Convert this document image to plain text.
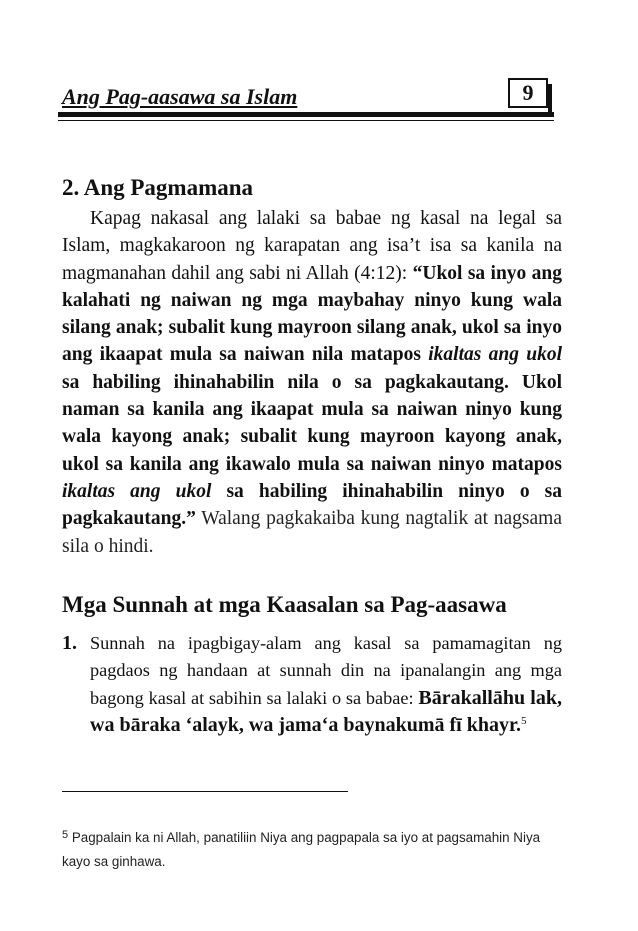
Ang Pag-aasawa sa Islam	9
2. Ang Pagmamana

Kapag nakasal ang lalaki sa babae ng kasal na legal sa Islam, magkakaroon ng karapatan ang isa’t isa sa kanila na magmanahan dahil ang sabi ni Allah (4:12): “Ukol sa inyo ang kalahati ng naiwan ng mga maybahay ninyo kung wala silang anak; subalit kung mayroon silang anak, ukol sa inyo ang ikaapat mula sa naiwan nila matapos ikaltas ang ukol sa habiling ihinahabilin nila o sa pagkakautang. Ukol naman sa kanila ang ikaapat mula sa naiwan ninyo kung wala kayong anak; subalit kung mayroon kayong anak, ukol sa kanila ang ikawalo mula sa naiwan ninyo matapos ikaltas ang ukol sa habiling ihinahabilin ninyo o sa pagkakautang.” Walang pagkakaiba kung nagtalik at nagsama sila o hindi.

Mga Sunnah at mga Kaasalan sa Pag-aasawa
1. Sunnah na ipagbigay-alam ang kasal sa pamamagitan ng pagdaos ng handaan at sunnah din na ipanalangin ang mga bagong kasal at sabihin sa lalaki o sa babae: Bārakallāhu lak, wa bāraka ‘alayk, wa jama‘a baynakumā fī khayr.$^5$
$^5$ Pagpalain ka ni Allah, panatiliin Niya ang pagpapala sa iyo at pagsamahin Niya kayo sa ginhawa.
